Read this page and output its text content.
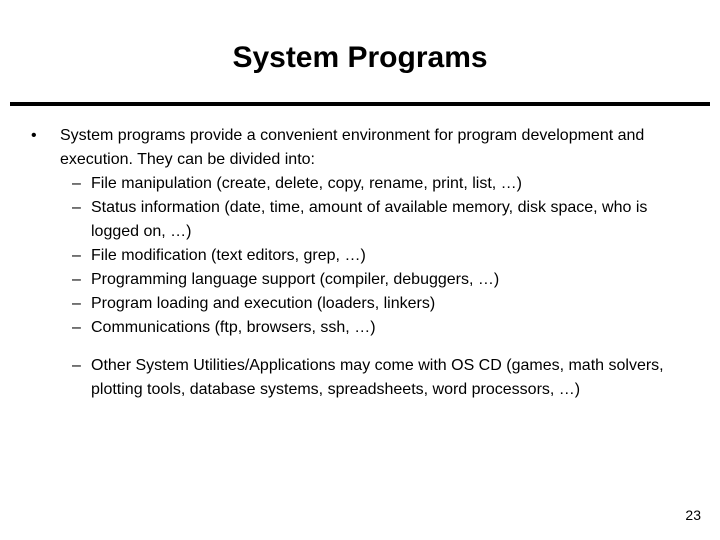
System Programs
• System programs provide a convenient environment for program development and execution. They can be divided into:
– File manipulation (create, delete, copy, rename, print, list, …)
– Status information (date, time, amount of available memory, disk space, who is logged on, …)
– File modification (text editors, grep, …)
– Programming language support (compiler, debuggers, …)
– Program loading and execution (loaders, linkers)
– Communications (ftp, browsers, ssh, …)
– Other System Utilities/Applications may come with OS CD (games, math solvers, plotting tools, database systems, spreadsheets, word processors, …)
23
